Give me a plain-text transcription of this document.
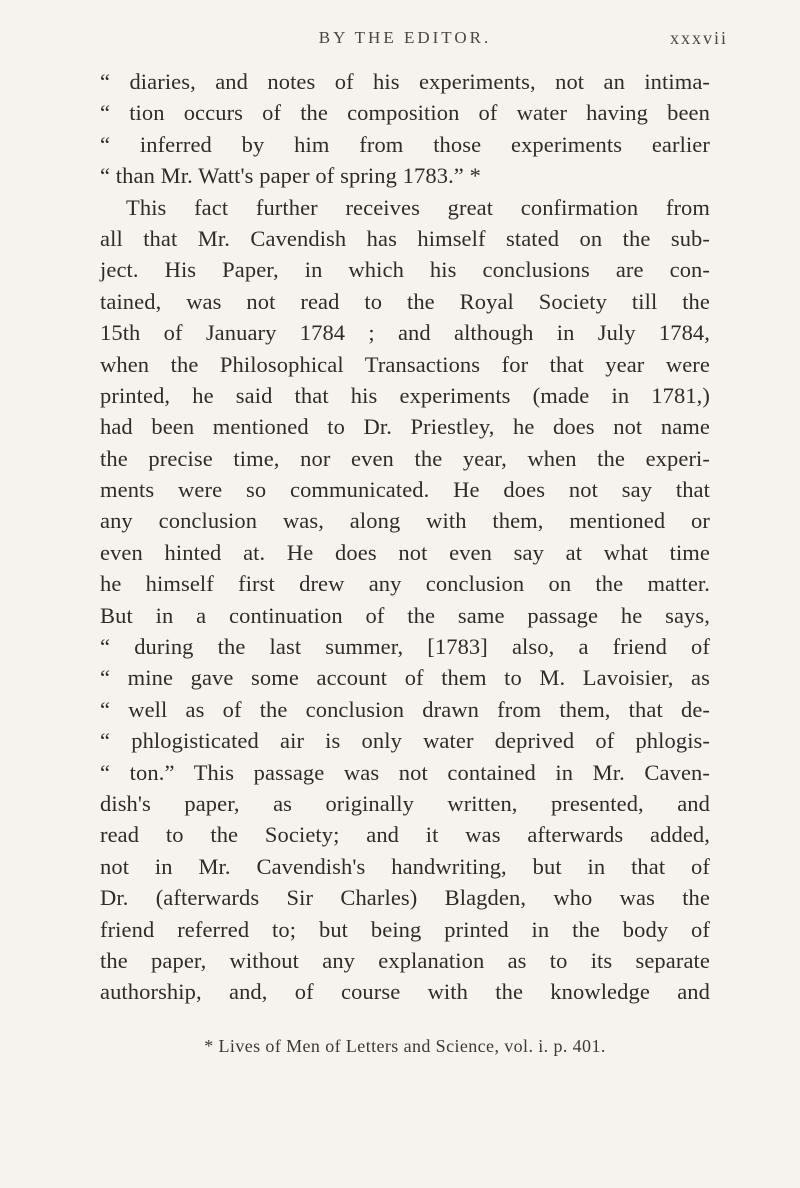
BY THE EDITOR.	xxxvii
“ diaries, and notes of his experiments, not an intima-
“ tion occurs of the composition of water having been
“ inferred by him from those experiments earlier
“ than Mr. Watt's paper of spring 1783.” *
This fact further receives great confirmation from
all that Mr. Cavendish has himself stated on the sub-
ject. His Paper, in which his conclusions are con-
tained, was not read to the Royal Society till the
15th of January 1784 ; and although in July 1784,
when the Philosophical Transactions for that year were
printed, he said that his experiments (made in 1781,)
had been mentioned to Dr. Priestley, he does not name
the precise time, nor even the year, when the experi-
ments were so communicated. He does not say that
any conclusion was, along with them, mentioned or
even hinted at. He does not even say at what time
he himself first drew any conclusion on the matter.
But in a continuation of the same passage he says,
“ during the last summer, [1783] also, a friend of
“ mine gave some account of them to M. Lavoisier, as
“ well as of the conclusion drawn from them, that de-
“ phlogisticated air is only water deprived of phlogis-
“ ton.” This passage was not contained in Mr. Caven-
dish's paper, as originally written, presented, and
read to the Society; and it was afterwards added,
not in Mr. Cavendish's handwriting, but in that of
Dr. (afterwards Sir Charles) Blagden, who was the
friend referred to; but being printed in the body of
the paper, without any explanation as to its separate
authorship, and, of course with the knowledge and
* Lives of Men of Letters and Science, vol. i. p. 401.
